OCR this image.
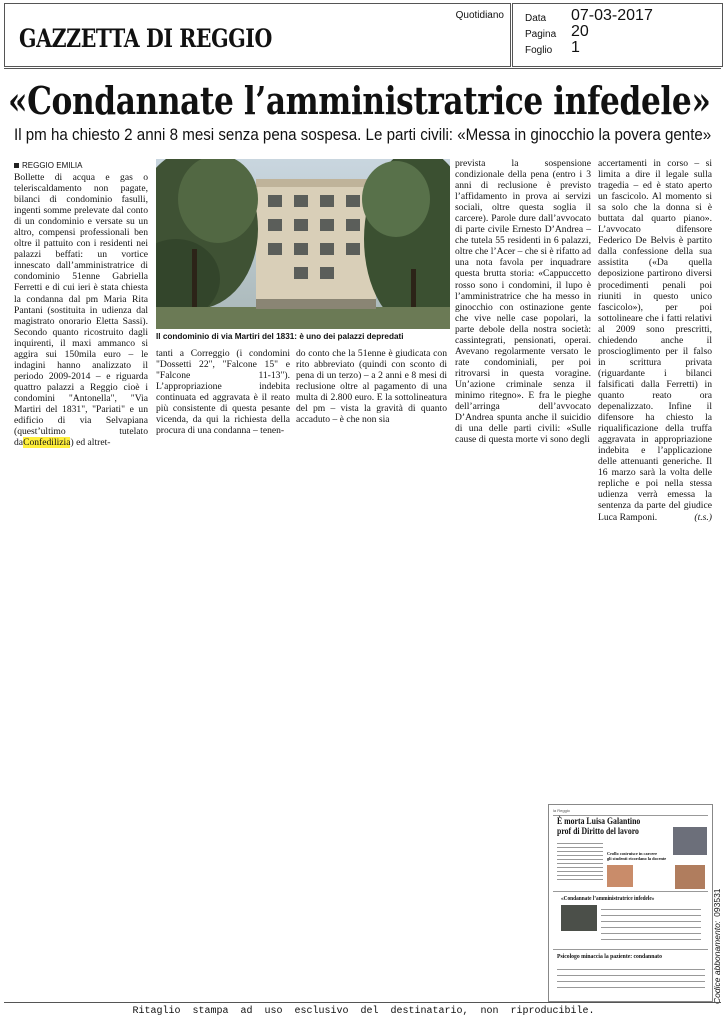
GAZZETTA DI REGGIO
Quotidiano Data 07-03-2017
Pagina 20
Foglio 1
«Condannate l’amministratrice infedele»
Il pm ha chiesto 2 anni 8 mesi senza pena sospesa. Le parti civili: «Messa in ginocchio la povera gente»
REGGIO EMILIA
Il condominio di via Martiri del 1831: è uno dei palazzi depredati

Bollette di acqua e gas o teleriscaldamento non pagate, bilanci di condominio fasulli, ingenti somme prelevate dal conto di un condominio e versate su un altro, compensi professionali ben oltre il pattuito con i residenti nei palazzi beffati: un vortice innescato dall’amministratrice di condominio 51enne Gabriella Ferretti e di cui ieri è stata chiesta la condanna dal pm Maria Rita Pantani (sostituita in udienza dal magistrato onorario Eletta Sassi). Secondo quanto ricostruito dagli inquirenti, il maxi ammanco si aggira sui 150mila euro – le indagini hanno analizzato il periodo 2009-2014 – e riguarda quattro palazzi a Reggio cioè i condomini "Antonella", "Via Martiri del 1831", "Pariati" e un edificio di via Selvapiana (quest’ultimo tutelato daConfedilizia) ed altret-

tanti a Correggio (i condomini "Dossetti 22", "Falcone 15" e "Falcone 11-13"). L’appropriazione indebita continuata ed aggravata è il reato più consistente di questa pesante vicenda, da qui la richiesta della procura di una condanna – tenen-

do conto che la 51enne è giudicata con rito abbreviato (quindi con sconto di pena di un terzo) – a 2 anni e 8 mesi di reclusione oltre al pagamento di una multa di 2.800 euro. E la sottolineatura del pm – vista la gravità di quanto accaduto – è che non sia

prevista la sospensione condizionale della pena (entro i 3 anni di reclusione è previsto l’affidamento in prova ai servizi sociali, oltre questa soglia il carcere). Parole dure dall’avvocato di parte civile Ernesto D’Andrea – che tutela 55 residenti in 6 palazzi, oltre che l’Acer – che si è rifatto ad una nota favola per inquadrare questa brutta storia: «Cappuccetto rosso sono i condomini, il lupo è l’amministratrice che ha messo in ginocchio con ostinazione gente che vive nelle case popolari, la parte debole della nostra società: cassintegrati, pensionati, operai. Avevano regolarmente versato le rate condominiali, per poi ritrovarsi in questa voragine. Un’azione criminale senza il minimo ritegno». E fra le pieghe dell’arringa dell’avvocato D’Andrea spunta anche il suicidio di una delle parti civili: «Sulle cause di questa morte vi sono degli

accertamenti in corso – si limita a dire il legale sulla tragedia – ed è stato aperto un fascicolo. Al momento si sa solo che la donna si è buttata dal quarto piano». L’avvocato difensore Federico De Belvis è partito dalla confessione della sua assistita («Da quella deposizione partirono diversi procedimenti penali poi riuniti in questo unico fascicolo»), per poi sottolineare che i fatti relativi al 2009 sono prescritti, chiedendo anche il proscioglimento per il falso in scrittura privata (riguardante i bilanci falsificati dalla Ferretti) in quanto reato ora depenalizzato. Infine il difensore ha chiesto la riqualificazione della truffa aggravata in appropriazione indebita e l’applicazione delle attenuanti generiche. Il 16 marzo sarà la volta delle repliche e poi nella stessa udienza verrà emessa la sentenza da parte del giudice Luca Ramponi.	(t.s.)

la Reggio
È morta Luisa Galantino
prof di Diritto del lavoro
Crollo costruisce in carcere
gli studenti ricordano la docente
«Condannate l’amministratrice infedele»
Psicologo minaccia la paziente: condannato	Codice abbonamento:093531
Ritaglio stampa ad uso esclusivo del destinatario, non riproducibile.
